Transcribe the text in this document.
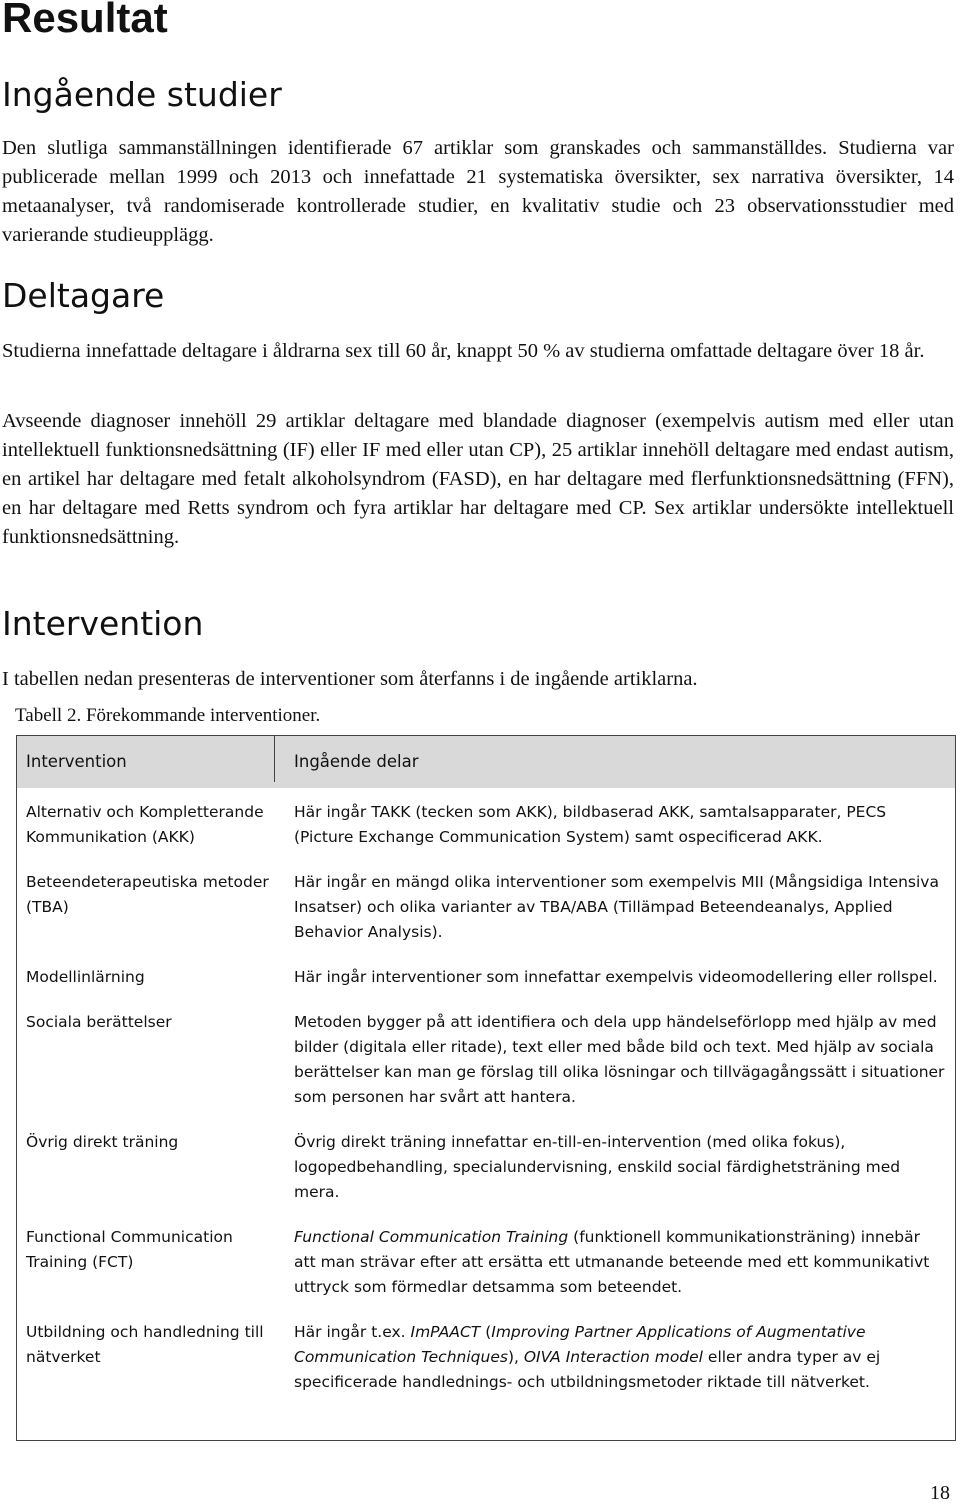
Resultat
Ingående studier

Den slutliga sammanställningen identifierade 67 artiklar som granskades och sammanställdes. Studierna var publicerade mellan 1999 och 2013 och innefattade 21 systematiska översikter, sex narrativa översikter, 14 metaanalyser, två randomiserade kontrollerade studier, en kvalitativ studie och 23 observationsstudier med varierande studieupplägg.

Deltagare

Studierna innefattade deltagare i åldrarna sex till 60 år, knappt 50 % av studierna omfattade deltagare över 18 år.

Avseende diagnoser innehöll 29 artiklar deltagare med blandade diagnoser (exempelvis autism med eller utan intellektuell funktionsnedsättning (IF) eller IF med eller utan CP), 25 artiklar innehöll deltagare med endast autism, en artikel har deltagare med fetalt alkoholsyndrom (FASD), en har deltagare med flerfunktionsnedsättning (FFN), en har deltagare med Retts syndrom och fyra artiklar har deltagare med CP. Sex artiklar undersökte intellektuell funktionsnedsättning.

Intervention

I tabellen nedan presenteras de interventioner som återfanns i de ingående artiklarna.

Tabell 2. Förekommande interventioner.

Intervention	Ingående delar
Alternativ och Kompletterande Kommunikation (AKK)	Här ingår TAKK (tecken som AKK), bildbaserad AKK, samtalsapparater, PECS (Picture Exchange Communication System) samt ospecificerad AKK.
Beteendeterapeutiska metoder (TBA)	Här ingår en mängd olika interventioner som exempelvis MII (Mångsidiga Intensiva Insatser) och olika varianter av TBA/ABA (Tillämpad Beteendeanalys, Applied Behavior Analysis).
Modellinlärning	Här ingår interventioner som innefattar exempelvis videomodellering eller rollspel.
Sociala berättelser	Metoden bygger på att identifiera och dela upp händelseförlopp med hjälp av med bilder (digitala eller ritade), text eller med både bild och text. Med hjälp av sociala berättelser kan man ge förslag till olika lösningar och tillvägagångssätt i situationer som personen har svårt att hantera.
Övrig direkt träning	Övrig direkt träning innefattar en-till-en-intervention (med olika fokus), logopedbehandling, specialundervisning, enskild social färdighetsträning med mera.
Functional Communication Training (FCT)	Functional Communication Training (funktionell kommunikationsträning) innebär att man strävar efter att ersätta ett utmanande beteende med ett kommunikativt uttryck som förmedlar detsamma som beteendet.
Utbildning och handledning till nätverket	Här ingår t.ex. ImPAACT (Improving Partner Applications of Augmentative Communication Techniques), OIVA Interaction model eller andra typer av ej specificerade handlednings- och utbildningsmetoder riktade till nätverket.

18
